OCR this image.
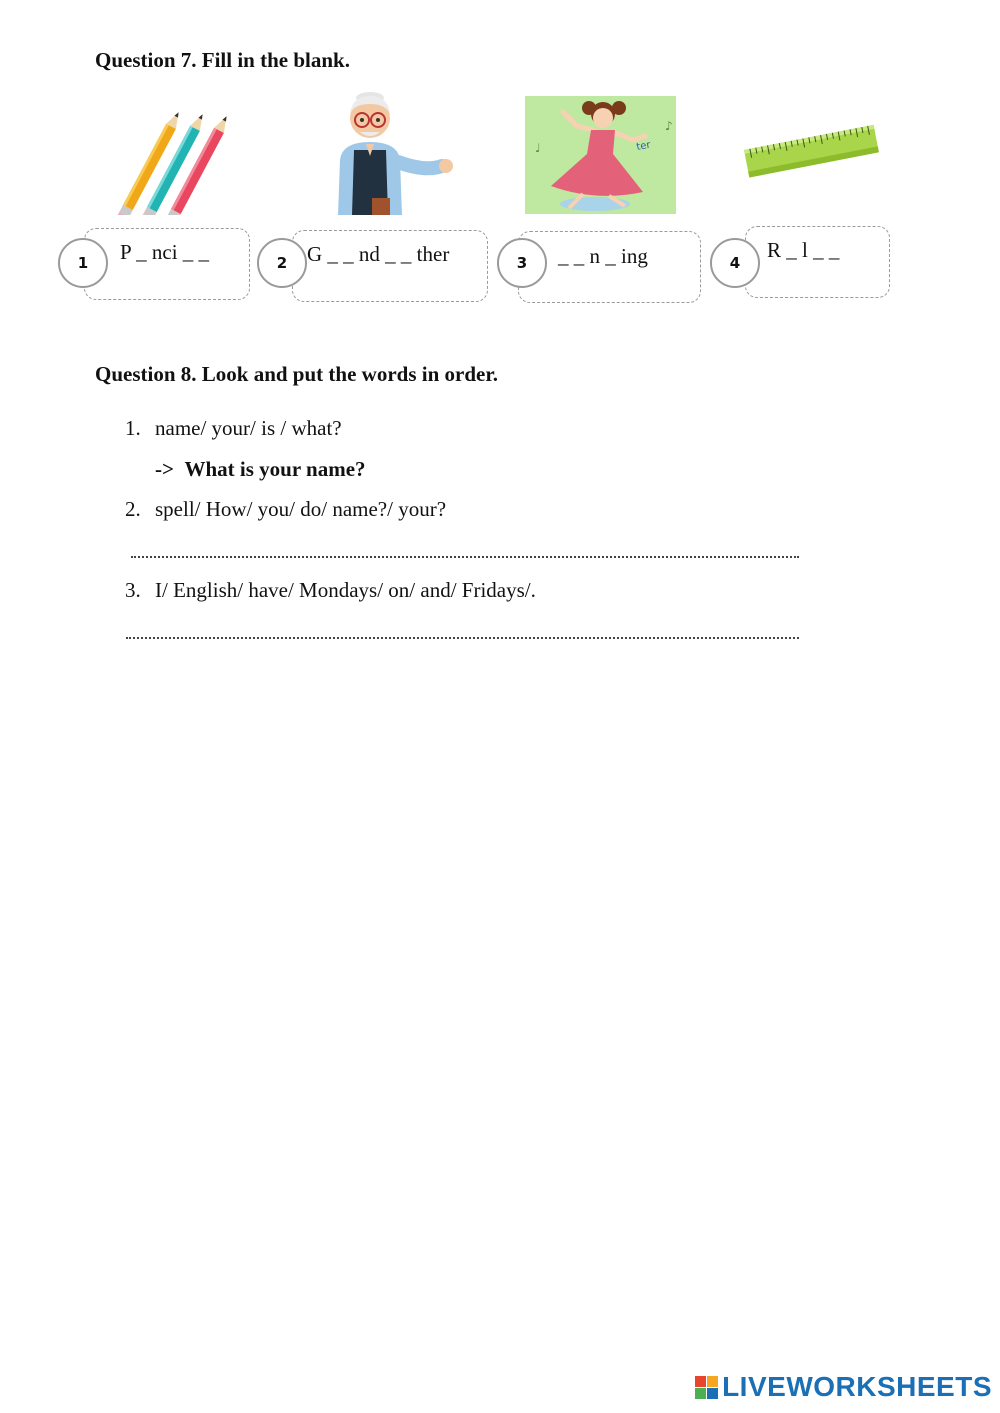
Question 7. Fill in the blank.
ter
♩
♪
1	P _ nci _ _	2 G _ _ nd _ _ ther	3	_ _ n _ ing	4
R _ l _ _
Question 8. Look and put the words in order.
1. name/ your/ is / what?
-> What is your name?
2. spell/ How/ you/ do/ name?/ your?
3. I/ English/ have/ Mondays/ on/ and/ Fridays/.
LIVEWORKSHEETS
